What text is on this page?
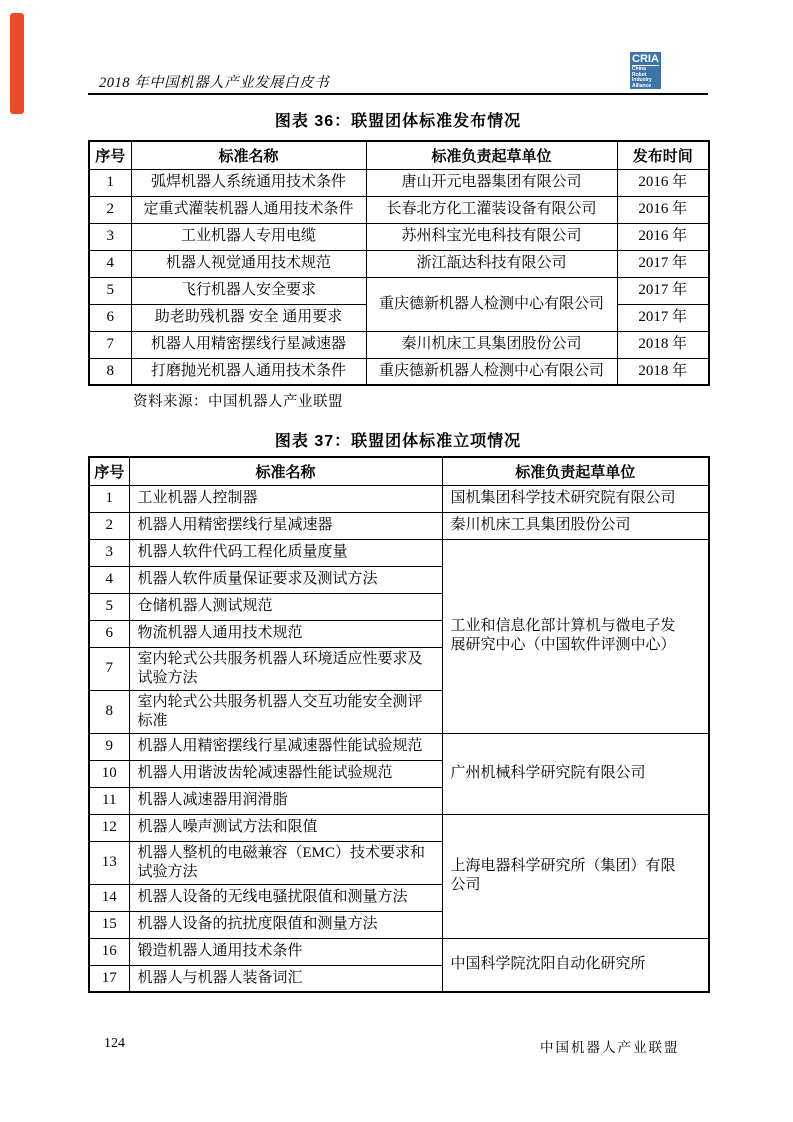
2018 年中国机器人产业发展白皮书
CRIA
China
Robot
Industry
Alliance
图表 36：联盟团体标准发布情况
序号	标准名称	标准负责起草单位	发布时间
1	弧焊机器人系统通用技术条件	唐山开元电器集团有限公司	2016 年
2	定重式灌装机器人通用技术条件	长春北方化工灌装设备有限公司	2016 年
3	工业机器人专用电缆	苏州科宝光电科技有限公司	2016 年
4	机器人视觉通用技术规范	浙江瓿达科技有限公司	2017 年
5	飞行机器人安全要求	重庆德新机器人检测中心有限公司	2017 年
6	助老助残机器 安全 通用要求		2017 年
7	机器人用精密摆线行星减速器	秦川机床工具集团股份公司	2018 年
8	打磨抛光机器人通用技术条件	重庆德新机器人检测中心有限公司	2018 年
资料来源：中国机器人产业联盟
图表 37：联盟团体标准立项情况
序号	标准名称	标准负责起草单位
1	工业机器人控制器	国机集团科学技术研究院有限公司
2	机器人用精密摆线行星减速器	秦川机床工具集团股份公司
3	机器人软件代码工程化质量度量	工业和信息化部计算机与微电子发展研究中心（中国软件评测中心）
4	机器人软件质量保证要求及测试方法	
5	仓储机器人测试规范	
6	物流机器人通用技术规范	
7	室内轮式公共服务机器人环境适应性要求及试验方法	
8	室内轮式公共服务机器人交互功能安全测评标准	
9	机器人用精密摆线行星减速器性能试验规范	广州机械科学研究院有限公司
10	机器人用谐波齿轮减速器性能试验规范	
11	机器人减速器用润滑脂	
12	机器人噪声测试方法和限值	上海电器科学研究所（集团）有限公司
13	机器人整机的电磁兼容（EMC）技术要求和试验方法	
14	机器人设备的无线电骚扰限值和测量方法	
15	机器人设备的抗扰度限值和测量方法	
16	锻造机器人通用技术条件	中国科学院沈阳自动化研究所
17	机器人与机器人装备词汇	
124	中国机器人产业联盟
